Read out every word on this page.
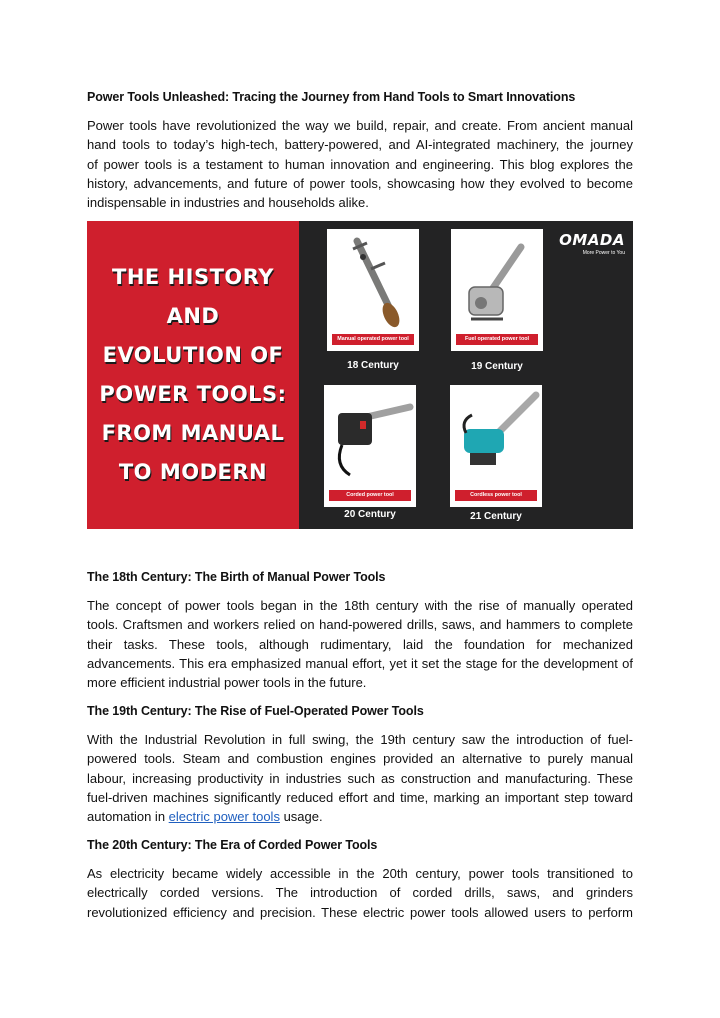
Power Tools Unleashed: Tracing the Journey from Hand Tools to Smart Innovations
Power tools have revolutionized the way we build, repair, and create. From ancient manual
hand tools to today’s high-tech, battery-powered, and AI-integrated machinery, the journey
of power tools is a testament to human innovation and engineering. This blog explores the
history, advancements, and future of power tools, showcasing how they evolved to become
indispensable in industries and households alike.
THE HISTORY
AND
EVOLUTION OF
POWER TOOLS:
FROM MANUAL
TO MODERN
OMADA
More Power to You
Manual operated power tool
18 Century
Fuel operated power tool
19 Century
Corded power tool
20 Century
Cordless power tool
21 Century
The 18th Century: The Birth of Manual Power Tools
The concept of power tools began in the 18th century with the rise of manually operated
tools. Craftsmen and workers relied on hand-powered drills, saws, and hammers to complete
their tasks. These tools, although rudimentary, laid the foundation for mechanized
advancements. This era emphasized manual effort, yet it set the stage for the development of
more efficient industrial power tools in the future.
The 19th Century: The Rise of Fuel-Operated Power Tools
With the Industrial Revolution in full swing, the 19th century saw the introduction of fuel-
powered tools. Steam and combustion engines provided an alternative to purely manual
labour, increasing productivity in industries such as construction and manufacturing. These
fuel-driven machines significantly reduced effort and time, marking an important step toward
automation in electric power tools usage.
The 20th Century: The Era of Corded Power Tools
As electricity became widely accessible in the 20th century, power tools transitioned to
electrically corded versions. The introduction of corded drills, saws, and grinders
revolutionized efficiency and precision. These electric power tools allowed users to perform
